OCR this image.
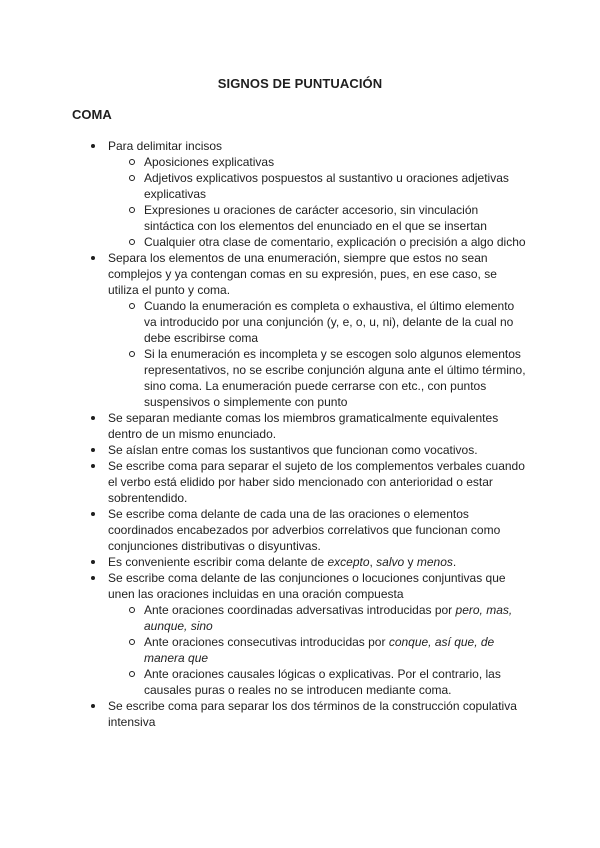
SIGNOS DE PUNTUACIÓN
COMA
Para delimitar incisos
Aposiciones explicativas
Adjetivos explicativos pospuestos al sustantivo u oraciones adjetivas explicativas
Expresiones u oraciones de carácter accesorio, sin vinculación sintáctica con los elementos del enunciado en el que se insertan
Cualquier otra clase de comentario, explicación o precisión a algo dicho
Separa los elementos de una enumeración, siempre que estos no sean complejos y ya contengan comas en su expresión, pues, en ese caso, se utiliza el punto y coma.
Cuando la enumeración es completa o exhaustiva, el último elemento va introducido por una conjunción (y, e, o, u, ni), delante de la cual no debe escribirse coma
Si la enumeración es incompleta y se escogen solo algunos elementos representativos, no se escribe conjunción alguna ante el último término, sino coma. La enumeración puede cerrarse con etc., con puntos suspensivos o simplemente con punto
Se separan mediante comas los miembros gramaticalmente equivalentes dentro de un mismo enunciado.
Se aíslan entre comas los sustantivos que funcionan como vocativos.
Se escribe coma para separar el sujeto de los complementos verbales cuando el verbo está elidido por haber sido mencionado con anterioridad o estar sobrentendido.
Se escribe coma delante de cada una de las oraciones o elementos coordinados encabezados por adverbios correlativos que funcionan como conjunciones distributivas o disyuntivas.
Es conveniente escribir coma delante de excepto, salvo y menos.
Se escribe coma delante de las conjunciones o locuciones conjuntivas que unen las oraciones incluidas en una oración compuesta
Ante oraciones coordinadas adversativas introducidas por pero, mas, aunque, sino
Ante oraciones consecutivas introducidas por conque, así que, de manera que
Ante oraciones causales lógicas o explicativas. Por el contrario, las causales puras o reales no se introducen mediante coma.
Se escribe coma para separar los dos términos de la construcción copulativa intensiva
